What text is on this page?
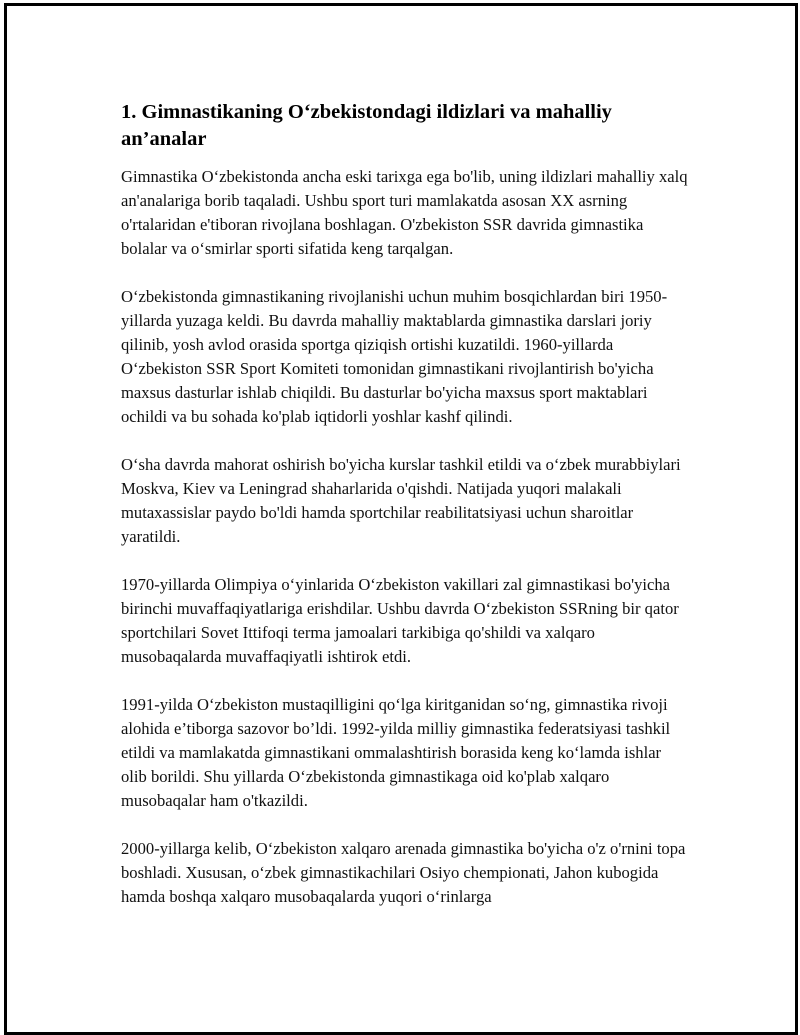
1. Gimnastikaning O‘zbekistondagi ildizlari va mahalliy an’analar

Gimnastika O‘zbekistonda ancha eski tarixga ega bo'lib, uning ildizlari mahalliy xalq an'analariga borib taqaladi. Ushbu sport turi mamlakatda asosan XX asrning o'rtalaridan e'tiboran rivojlana boshlagan. O'zbekiston SSR davrida gimnastika bolalar va o‘smirlar sporti sifatida keng tarqalgan.

O‘zbekistonda gimnastikaning rivojlanishi uchun muhim bosqichlardan biri 1950-yillarda yuzaga keldi. Bu davrda mahalliy maktablarda gimnastika darslari joriy qilinib, yosh avlod orasida sportga qiziqish ortishi kuzatildi. 1960-yillarda O‘zbekiston SSR Sport Komiteti tomonidan gimnastikani rivojlantirish bo'yicha maxsus dasturlar ishlab chiqildi. Bu dasturlar bo'yicha maxsus sport maktablari ochildi va bu sohada ko'plab iqtidorli yoshlar kashf qilindi.

O‘sha davrda mahorat oshirish bo'yicha kurslar tashkil etildi va o‘zbek murabbiylari Moskva, Kiev va Leningrad shaharlarida o'qishdi. Natijada yuqori malakali mutaxassislar paydo bo'ldi hamda sportchilar reabilitatsiyasi uchun sharoitlar yaratildi.

1970-yillarda Olimpiya o‘yinlarida O‘zbekiston vakillari zal gimnastikasi bo'yicha birinchi muvaffaqiyatlariga erishdilar. Ushbu davrda O‘zbekiston SSRning bir qator sportchilari Sovet Ittifoqi terma jamoalari tarkibiga qo'shildi va xalqaro musobaqalarda muvaffaqiyatli ishtirok etdi.

1991-yilda O‘zbekiston mustaqilligini qo‘lga kiritganidan so‘ng, gimnastika rivoji alohida e’tiborga sazovor bo’ldi. 1992-yilda milliy gimnastika federatsiyasi tashkil etildi va mamlakatda gimnastikani ommalashtirish borasida keng ko‘lamda ishlar olib borildi. Shu yillarda O‘zbekistonda gimnastikaga oid ko'plab xalqaro musobaqalar ham o'tkazildi.

2000-yillarga kelib, O‘zbekiston xalqaro arenada gimnastika bo'yicha o'z o'rnini topa boshladi. Xususan, o‘zbek gimnastikachilari Osiyo chempionati, Jahon kubogida hamda boshqa xalqaro musobaqalarda yuqori o‘rinlarga
